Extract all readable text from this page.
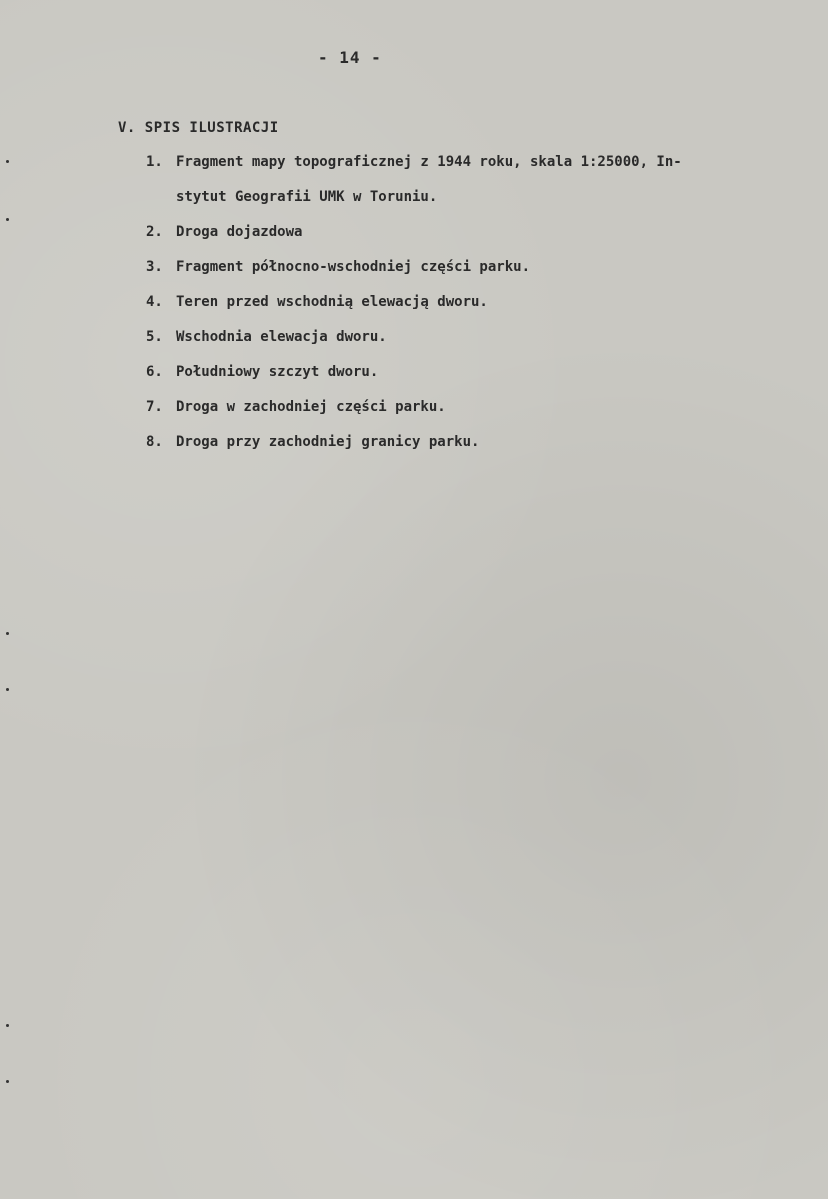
- 14 -
V. SPIS ILUSTRACJI
1. Fragment mapy topograficznej z 1944 roku, skala 1:25000, In-
stytut Geografii UMK w Toruniu.
2. Droga dojazdowa
3. Fragment północno-wschodniej części parku.
4. Teren przed wschodnią elewacją dworu.
5. Wschodnia elewacja dworu.
6. Południowy szczyt dworu.
7. Droga w zachodniej części parku.
8. Droga przy zachodniej granicy parku.
